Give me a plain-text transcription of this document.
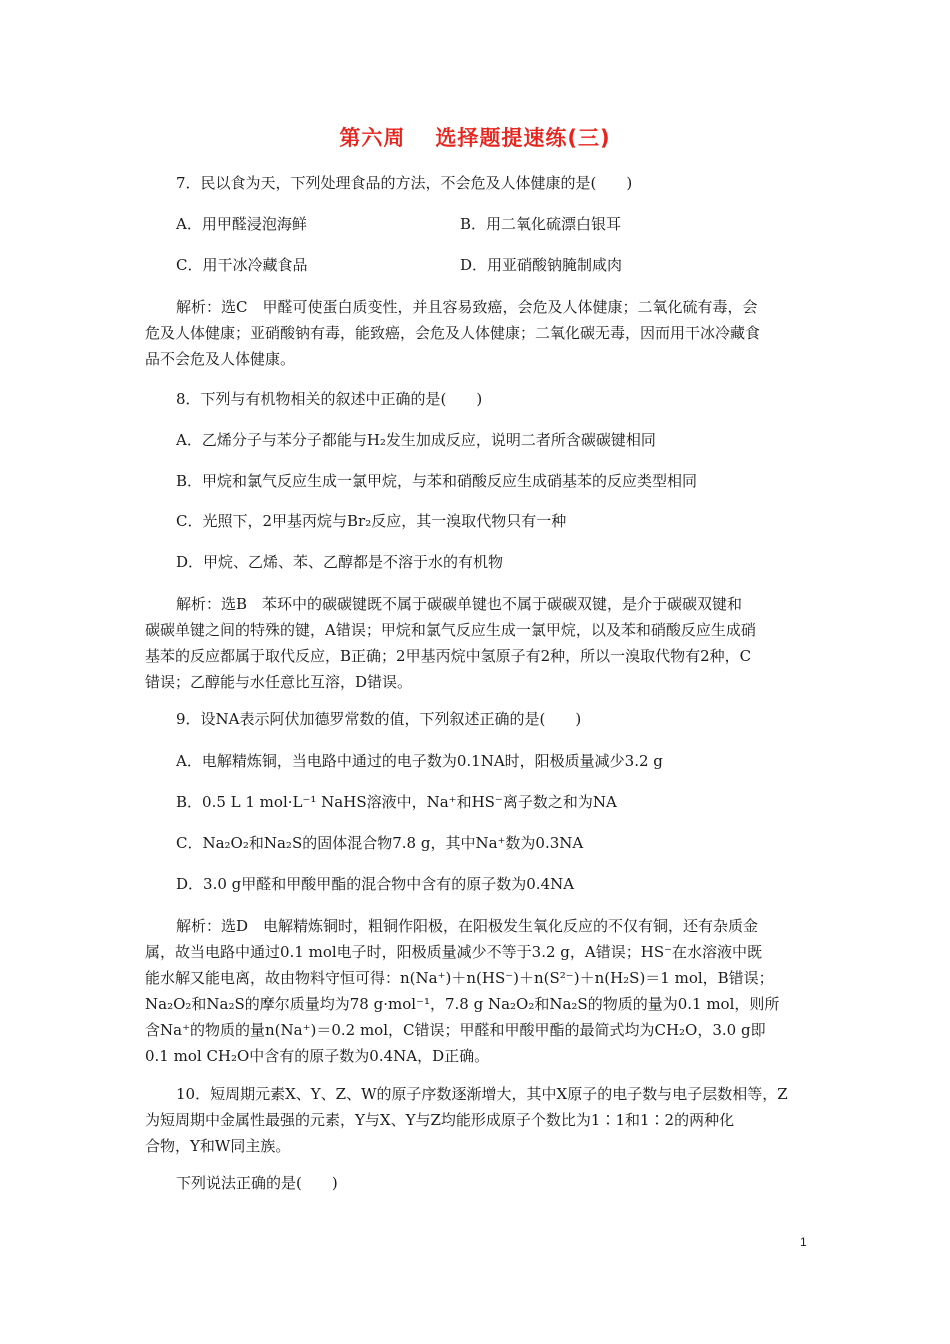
第六周 选择题提速练(三)
7．民以食为天，下列处理食品的方法，不会危及人体健康的是(　　)
A．用甲醛浸泡海鲜	B．用二氧化硫漂白银耳
C．用干冰冷藏食品	D．用亚硝酸钠腌制咸肉
解析：选C　甲醛可使蛋白质变性，并且容易致癌，会危及人体健康；二氧化硫有毒，会
危及人体健康；亚硝酸钠有毒，能致癌，会危及人体健康；二氧化碳无毒，因而用干冰冷藏食
品不会危及人体健康。
8．下列与有机物相关的叙述中正确的是(　　)
A．乙烯分子与苯分子都能与H₂发生加成反应，说明二者所含碳碳键相同
B．甲烷和氯气反应生成一氯甲烷，与苯和硝酸反应生成硝基苯的反应类型相同
C．光照下，2甲基丙烷与Br₂反应，其一溴取代物只有一种
D．甲烷、乙烯、苯、乙醇都是不溶于水的有机物
解析：选B　苯环中的碳碳键既不属于碳碳单键也不属于碳碳双键，是介于碳碳双键和
碳碳单键之间的特殊的键，A错误；甲烷和氯气反应生成一氯甲烷，以及苯和硝酸反应生成硝
基苯的反应都属于取代反应，B正确；2甲基丙烷中氢原子有2种，所以一溴取代物有2种，C
错误；乙醇能与水任意比互溶，D错误。
9．设NA表示阿伏加德罗常数的值，下列叙述正确的是(　　)
A．电解精炼铜，当电路中通过的电子数为0.1NA时，阳极质量减少3.2 g
B．0.5 L 1 mol·L⁻¹ NaHS溶液中，Na⁺和HS⁻离子数之和为NA
C．Na₂O₂和Na₂S的固体混合物7.8 g，其中Na⁺数为0.3NA
D．3.0 g甲醛和甲酸甲酯的混合物中含有的原子数为0.4NA
解析：选D　电解精炼铜时，粗铜作阳极，在阳极发生氧化反应的不仅有铜，还有杂质金
属，故当电路中通过0.1 mol电子时，阳极质量减少不等于3.2 g，A错误；HS⁻在水溶液中既
能水解又能电离，故由物料守恒可得：n(Na⁺)＋n(HS⁻)＋n(S²⁻)＋n(H₂S)＝1 mol，B错误；
Na₂O₂和Na₂S的摩尔质量均为78 g·mol⁻¹，7.8 g Na₂O₂和Na₂S的物质的量为0.1 mol，则所
含Na⁺的物质的量n(Na⁺)＝0.2 mol，C错误；甲醛和甲酸甲酯的最简式均为CH₂O，3.0 g即
0.1 mol CH₂O中含有的原子数为0.4NA，D正确。
10．短周期元素X、Y、Z、W的原子序数逐渐增大，其中X原子的电子数与电子层数相等，Z
为短周期中金属性最强的元素，Y与X、Y与Z均能形成原子个数比为1∶1和1∶2的两种化
合物，Y和W同主族。
下列说法正确的是(　　)
1
